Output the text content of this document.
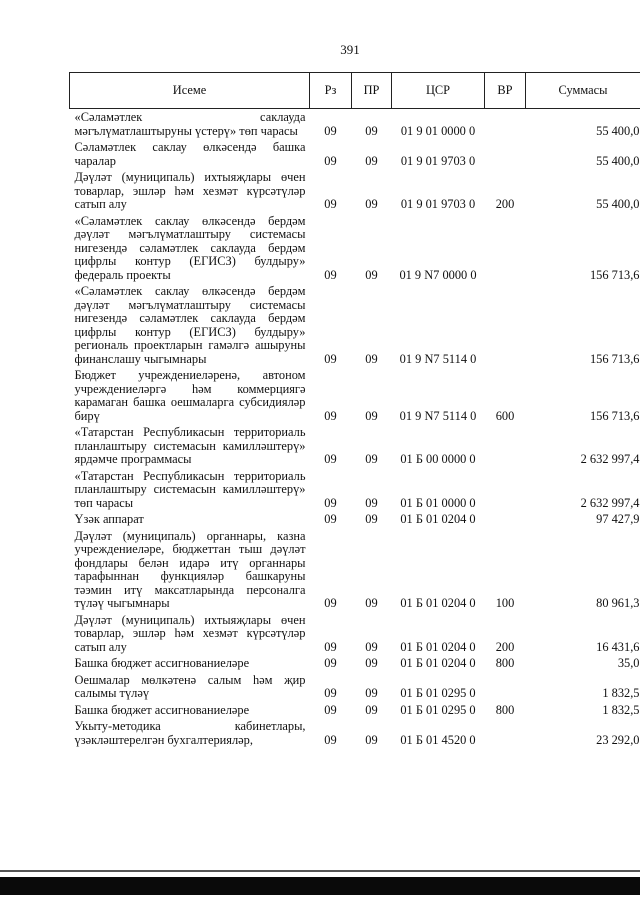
391
Исеме	Рз	ПР	ЦСР	ВР	Суммасы
«Сәламәтлек саклауда мәгълүматлаштыруны үстерү» төп чарасы	09	09	01 9 01 0000 0		55 400,0
Сәламәтлек саклау өлкәсендә башка чаралар	09	09	01 9 01 9703 0		55 400,0
Дәүләт (муниципаль) ихтыяҗлары өчен товарлар, эшләр һәм хезмәт күрсәтүләр сатып алу	09	09	01 9 01 9703 0	200	55 400,0
«Сәламәтлек саклау өлкәсендә бердәм дәүләт мәгълүматлаштыру системасы нигезендә сәламәтлек саклауда бердәм цифрлы контур (ЕГИСЗ) булдыру» федераль проекты	09	09	01 9 N7 0000 0		156 713,6
«Сәламәтлек саклау өлкәсендә бердәм дәүләт мәгълүматлаштыру системасы нигезендә сәламәтлек саклауда бердәм цифрлы контур (ЕГИСЗ) булдыру» региональ проектларын гамәлгә ашыруны финанслашу чыгымнары	09	09	01 9 N7 5114 0		156 713,6
Бюджет учреждениеләренә, автоном учреждениеләргә һәм коммерциягә карамаган башка оешмаларга субсидияләр бирү	09	09	01 9 N7 5114 0	600	156 713,6
«Татарстан Республикасын территориаль планлаштыру системасын камилләштерү» ярдәмче программасы	09	09	01 Б 00 0000 0		2 632 997,4
«Татарстан Республикасын территориаль планлаштыру системасын камилләштерү» төп чарасы	09	09	01 Б 01 0000 0		2 632 997,4
Үзәк аппарат	09	09	01 Б 01 0204 0		97 427,9
Дәүләт (муниципаль) органнары, казна учреждениеләре, бюджеттан тыш дәүләт фондлары белән идарә итү органнары тарафыннан функцияләр башкаруны тәэмин итү максатларында персоналга түләү чыгымнары	09	09	01 Б 01 0204 0	100	80 961,3
Дәүләт (муниципаль) ихтыяҗлары өчен товарлар, эшләр һәм хезмәт күрсәтүләр сатып алу	09	09	01 Б 01 0204 0	200	16 431,6
Башка бюджет ассигнованиеләре	09	09	01 Б 01 0204 0	800	35,0
Оешмалар мөлкәтенә салым һәм җир салымы түләү	09	09	01 Б 01 0295 0		1 832,5
Башка бюджет ассигнованиеләре	09	09	01 Б 01 0295 0	800	1 832,5
Укыту-методика кабинетлары, үзәкләштерелгән бухгалтерияләр,	09	09	01 Б 01 4520 0		23 292,0
